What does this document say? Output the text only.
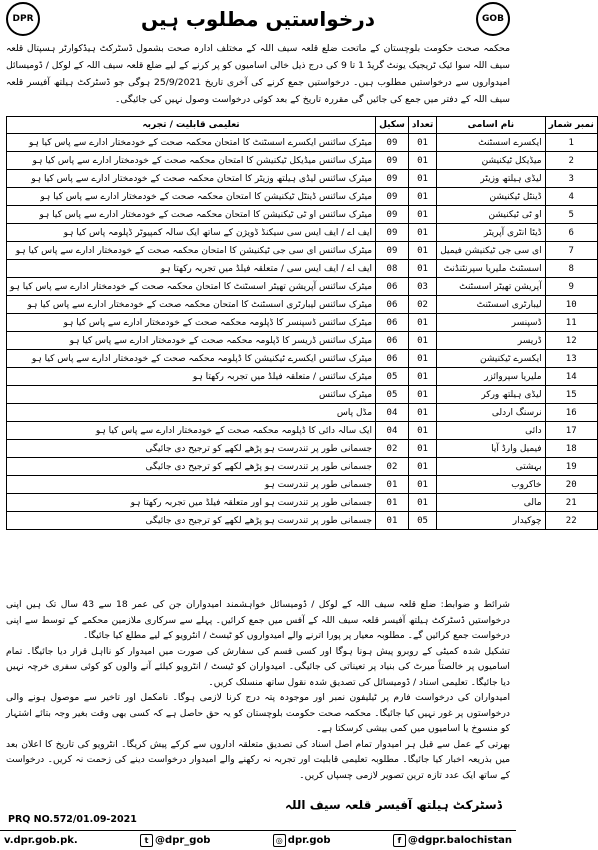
DPR	درخواستیں مطلوب ہیں	GOB
محکمہ صحت حکومت بلوچستان کے ماتحت ضلع قلعہ سیف اللہ کے مختلف ادارہ صحت بشمول ڈسٹرکٹ ہیڈکوارٹر ہسپتال قلعہ سیف اللہ سوا ئیک ٹریجیک یونٹ گریڈ 1 تا 9 کی درج ذیل خالی اسامیوں کو پر کرنے کے لیے ضلع قلعہ سیف اللہ کے لوکل / ڈومیسائل امیدواروں سے درخواستیں مطلوب ہیں۔ درخواستیں جمع کرنے کی آخری تاریخ 25/9/2021 ہوگی جو ڈسٹرکٹ ہیلتھ آفیسر قلعہ سیف اللہ کے دفتر میں جمع کی جائیں گی مقررہ تاریخ کے بعد کوئی درخواست وصول نہیں کی جائیگی۔
نمبر شمار	نام اسامی	تعداد	سکیل	تعلیمی قابلیت / تجربہ
1	ایکسرے اسسٹنٹ	01	09	میٹرک سائنس ایکسرے اسسٹنٹ کا امتحان محکمہ صحت کے خودمختار ادارے سے پاس کیا ہو
2	میڈیکل ٹیکنیشن	01	09	میٹرک سائنس میڈیکل ٹیکنیشن کا امتحان محکمہ صحت کے خودمختار ادارے سے پاس کیا ہو
3	لیڈی ہیلتھ وزیٹر	01	09	میٹرک سائنس لیڈی ہیلتھ وزیٹر کا امتحان محکمہ صحت کے خودمختار ادارے سے پاس کیا ہو
4	ڈینٹل ٹیکنیشن	01	09	میٹرک سائنس ڈینٹل ٹیکنیشن کا امتحان محکمہ صحت کے خودمختار ادارے سے پاس کیا ہو
5	او ٹی ٹیکنیشن	01	09	میٹرک سائنس او ٹی ٹیکنیشن کا امتحان محکمہ صحت کے خودمختار ادارے سے پاس کیا ہو
6	ڈیٹا انٹری آپریٹر	01	09	ایف اے / ایف ایس سی سیکنڈ ڈویژن کے ساتھ ایک سالہ کمپیوٹر ڈپلومہ پاس کیا ہو
7	ای سی جی ٹیکنیشن فیمیل	01	09	میٹرک سائنس ای سی جی ٹیکنیشن کا امتحان محکمہ صحت کے خودمختار ادارے سے پاس کیا ہو
8	اسسٹنٹ ملیریا سپرنٹنڈنٹ	01	08	ایف اے / ایف ایس سی / متعلقہ فیلڈ میں تجربہ رکھتا ہو
9	آپریشن تھیٹر اسسٹنٹ	03	06	میٹرک سائنس آپریشن تھیٹر اسسٹنٹ کا امتحان محکمہ صحت کے خودمختار ادارے سے پاس کیا ہو
10	لیبارٹری اسسٹنٹ	02	06	میٹرک سائنس لیبارٹری اسسٹنٹ کا امتحان محکمہ صحت کے خودمختار ادارے سے پاس کیا ہو
11	ڈسپنسر	01	06	میٹرک سائنس ڈسپنسر کا ڈپلومہ محکمہ صحت کے خودمختار ادارے سے پاس کیا ہو
12	ڈریسر	01	06	میٹرک سائنس ڈریسر کا ڈپلومہ محکمہ صحت کے خودمختار ادارے سے پاس کیا ہو
13	ایکسرے ٹیکنیشن	01	06	میٹرک سائنس ایکسرے ٹیکنیشن کا ڈپلومہ محکمہ صحت کے خودمختار ادارے سے پاس کیا ہو
14	ملیریا سپروائزر	01	05	میٹرک سائنس / متعلقہ فیلڈ میں تجربہ رکھتا ہو
15	لیڈی ہیلتھ ورکر	01	05	میٹرک سائنس
16	نرسنگ اردلی	01	04	مڈل پاس
17	دائی	01	04	ایک سالہ دائی کا ڈپلومہ محکمہ صحت کے خودمختار ادارے سے پاس کیا ہو
18	فیمیل وارڈ آیا	01	02	جسمانی طور پر تندرست ہو پڑھے لکھے کو ترجیح دی جائیگی
19	بہشتی	01	02	جسمانی طور پر تندرست ہو پڑھے لکھے کو ترجیح دی جائیگی
20	خاکروب	01	01	جسمانی طور پر تندرست ہو
21	مالی	01	01	جسمانی طور پر تندرست ہو اور متعلقہ فیلڈ میں تجربہ رکھتا ہو
22	چوکیدار	05	01	جسمانی طور پر تندرست ہو پڑھے لکھے کو ترجیح دی جائیگی

شرائط و ضوابط: ضلع قلعہ سیف اللہ کے لوکل / ڈومیسائل خواہشمند امیدواران جن کی عمر 18 سے 43 سال تک ہیں اپنی درخواستیں ڈسٹرکٹ ہیلتھ آفیسر قلعہ سیف اللہ کے آفس میں جمع کرائیں۔ پہلے سے سرکاری ملازمین محکمے کے توسط سے اپنی درخواست جمع کرائیں گے۔ مطلوبہ معیار پر پورا اترنے والے امیدواروں کو ٹیسٹ / انٹرویو کے لیے مطلع کیا جائیگا۔

تشکیل شدہ کمیٹی کے روبرو پیش ہونا ہوگا اور کسی قسم کی سفارش کی صورت میں امیدوار کو نااہل قرار دیا جائیگا۔ تمام اسامیوں پر خالصتاً میرٹ کی بنیاد پر تعیناتی کی جائیگی۔ امیدواران کو ٹیسٹ / انٹرویو کیلئے آنے والوں کو کوئی سفری خرچہ نہیں دیا جائیگا۔ تعلیمی اسناد / ڈومیسائل کی تصدیق شدہ نقول ساتھ منسلک کریں۔

امیدواران کی درخواست فارم پر ٹیلیفون نمبر اور موجودہ پتہ درج کرنا لازمی ہوگا۔ نامکمل اور تاخیر سے موصول ہونے والی درخواستوں پر غور نہیں کیا جائیگا۔ محکمہ صحت حکومت بلوچستان کو یہ حق حاصل ہے کہ کسی بھی وقت بغیر وجہ بتائے اشتہار کو منسوخ یا اسامیوں میں کمی بیشی کرسکتا ہے۔

بھرتی کے عمل سے قبل ہر امیدوار تمام اصل اسناد کی تصدیق متعلقہ اداروں سے کرکے پیش کریگا۔ انٹرویو کی تاریخ کا اعلان بعد میں بذریعہ اخبار کیا جائیگا۔ مطلوبہ تعلیمی قابلیت اور تجربہ نہ رکھنے والے امیدوار درخواست دینے کی زحمت نہ کریں۔ درخواست کے ساتھ ایک عدد تازہ ترین تصویر لازمی چسپاں کریں۔

ڈسٹرکٹ ہیلتھ آفیسر قلعہ سیف اللہ
PRQ NO.572/01.09-2021
v.dpr.gob.pk.	t @dpr_gob	◎ dpr.gob	f @dgpr.balochistan
